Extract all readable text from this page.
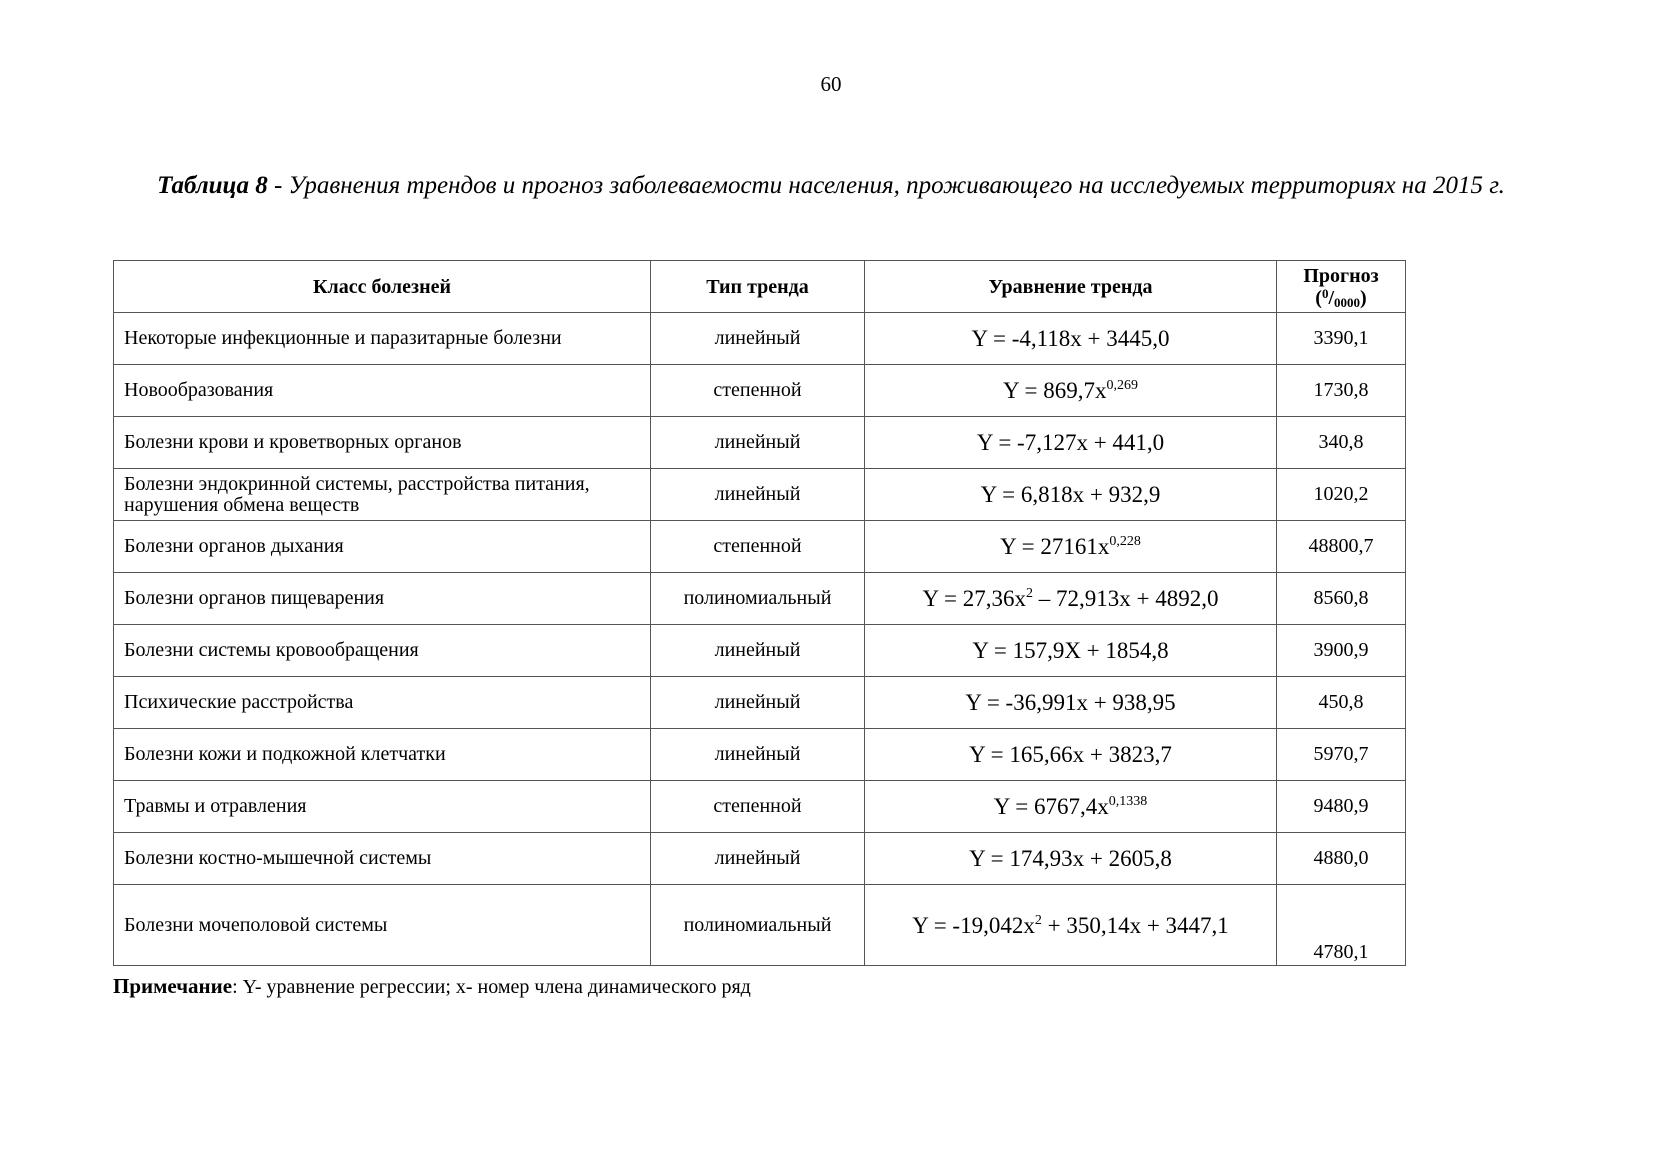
60
Таблица 8 - Уравнения трендов и прогноз заболеваемости населения, проживающего на исследуемых территориях на 2015 г.
Класс болезней	Тип тренда	Уравнение тренда	Прогноз
($^0$/0000)
Некоторые инфекционные и паразитарные болезни	линейный	Y = -4,118x + 3445,0	3390,1
Новообразования	степенной	$Y = 869,7x^{0,269}$	1730,8
Болезни крови и кроветворных органов	линейный	Y = -7,127x + 441,0	340,8
Болезни эндокринной системы, расстройства питания, нарушения обмена веществ	линейный	Y = 6,818x + 932,9	1020,2
Болезни органов дыхания	степенной	$Y = 27161x^{0,228}$	48800,7
Болезни органов пищеварения	полиномиальный	$Y = 27,36x^2 - 72,913x + 4892,0$	8560,8
Болезни системы кровообращения	линейный	Y = 157,9X + 1854,8	3900,9
Психические расстройства	линейный	Y = -36,991x + 938,95	450,8
Болезни кожи и подкожной клетчатки	линейный	Y = 165,66x + 3823,7	5970,7
Травмы и отравления	степенной	$Y = 6767,4x^{0,1338}$	9480,9
Болезни костно-мышечной системы	линейный	Y = 174,93x + 2605,8	4880,0
Болезни мочеполовой системы	полиномиальный	$Y = -19,042x^2 + 350,14x + 3447,1$	4780,1
Примечание: Y- уравнение регрессии; x- номер члена динамического ряд
